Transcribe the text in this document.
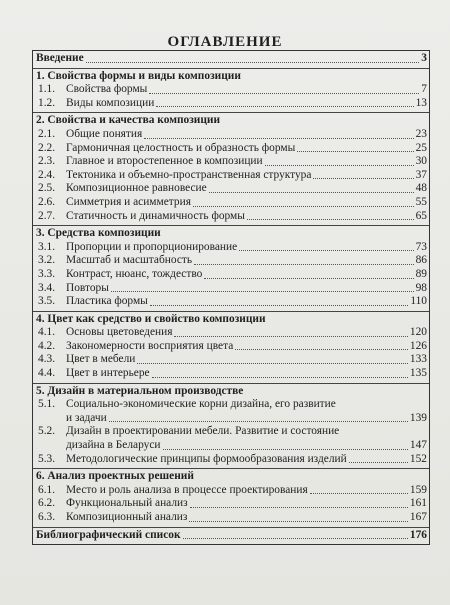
ОГЛАВЛЕНИЕ
Введение	3
1. Свойства формы и виды композиции
1.1. Свойства формы	7
1.2. Виды композиции	13
2. Свойства и качества композиции
2.1. Общие понятия	23
2.2. Гармоничная целостность и образность формы	25
2.3. Главное и второстепенное в композиции	30
2.4. Тектоника и объемно-пространственная структура	37
2.5. Композиционное равновесие	48
2.6. Симметрия и асимметрия	55
2.7. Статичность и динамичность формы	65
3. Средства композиции
3.1. Пропорции и пропорционирование	73
3.2. Масштаб и масштабность	86
3.3. Контраст, нюанс, тождество	89
3.4. Повторы	98
3.5. Пластика формы	110
4. Цвет как средство и свойство композиции
4.1. Основы цветоведения	120
4.2. Закономерности восприятия цвета	126
4.3. Цвет в мебели	133
4.4. Цвет в интерьере	135
5. Дизайн в материальном производстве
5.1. Социально-экономические корни дизайна, его развитие
и задачи	139
5.2. Дизайн в проектировании мебели. Развитие и состояние
дизайна в Беларуси	147
5.3. Методологические принципы формообразования изделий	152
6. Анализ проектных решений
6.1. Место и роль анализа в процессе проектирования	159
6.2. Функциональный анализ	161
6.3. Композиционный анализ	167
Библиографический список	176
